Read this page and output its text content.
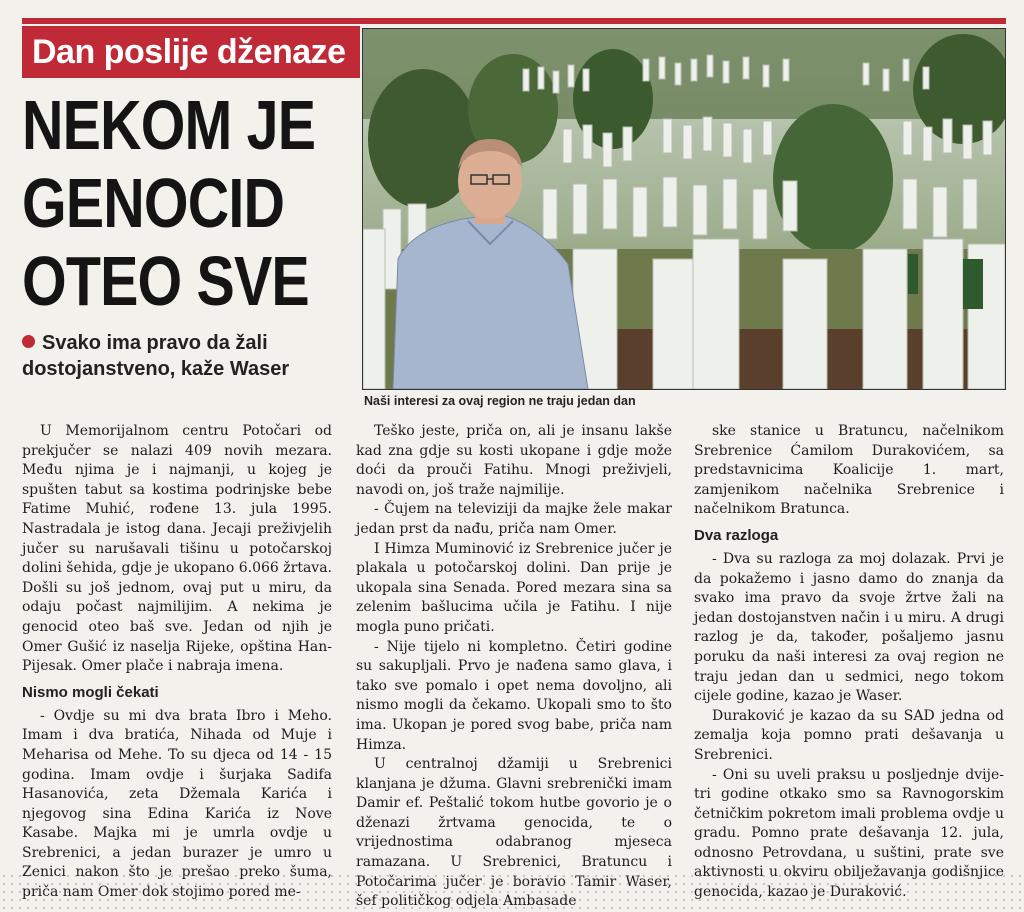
Dan poslije dženaze
NEKOM JE
GENOCID
OTEO SVE
Svako ima pravo da žali dostojanstveno, kaže Waser
Naši interesi za ovaj region ne traju jedan dan

U Memorijalnom centru Potočari od prekjučer se nalazi 409 novih mezara. Među njima je i najmanji, u kojeg je spušten tabut sa kostima podrinjske bebe Fatime Muhić, rođene 13. jula 1995. Nastradala je istog dana. Jecaji preživjelih jučer su narušavali tišinu u potočarskoj dolini šehida, gdje je ukopano 6.066 žrtava. Došli su još jednom, ovaj put u miru, da odaju počast najmilijim. A nekima je genocid oteo baš sve. Jedan od njih je Omer Gušić iz naselja Rijeke, opština Han-Pijesak. Omer plače i nabraja imena.

Nismo mogli čekati

- Ovdje su mi dva brata Ibro i Meho. Imam i dva bratića, Nihada od Muje i Meharisa od Mehe. To su djeca od 14 - 15 godina. Imam ovdje i šurjaka Sadifa Hasanovića, zeta Džemala Karića i njegovog sina Edina Karića iz Nove Kasabe. Majka mi je umrla ovdje u Srebrenici, a jedan burazer je umro u Zenici nakon što je prešao preko šuma, priča nam Omer dok stojimo pored me-

Teško jeste, priča on, ali je insanu lakše kad zna gdje su kosti ukopane i gdje može doći da prouči Fatihu. Mnogi preživjeli, navodi on, još traže najmilije.

- Čujem na televiziji da majke žele makar jedan prst da nađu, priča nam Omer.

I Himza Muminović iz Srebrenice jučer je plakala u potočarskoj dolini. Dan prije je ukopala sina Senada. Pored mezara sina sa zelenim bašlucima učila je Fatihu. I nije mogla puno pričati.

- Nije tijelo ni kompletno. Četiri godine su sakupljali. Prvo je nađena samo glava, i tako sve pomalo i opet nema dovoljno, ali nismo mogli da čekamo. Ukopali smo to što ima. Ukopan je pored svog babe, priča nam Himza.

U centralnoj džamiji u Srebrenici klanjana je džuma. Glavni srebrenički imam Damir ef. Peštalić tokom hutbe govorio je o dženazi žrtvama genocida, te o vrijednostima odabranog mjeseca ramazana. U Srebrenici, Bratuncu i Potočarima jučer je boravio Tamir Waser, šef političkog odjela Ambasade

ske stanice u Bratuncu, načelnikom Srebrenice Ćamilom Durakovićem, sa predstavnicima Koalicije 1. mart, zamjenikom načelnika Srebrenice i načelnikom Bratunca.

Dva razloga

- Dva su razloga za moj dolazak. Prvi je da pokažemo i jasno damo do znanja da svako ima pravo da svoje žrtve žali na jedan dostojanstven način i u miru. A drugi razlog je da, također, pošaljemo jasnu poruku da naši interesi za ovaj region ne traju jedan dan u sedmici, nego tokom cijele godine, kazao je Waser.

Duraković je kazao da su SAD jedna od zemalja koja pomno prati dešavanja u Srebrenici.

- Oni su uveli praksu u posljednje dvije-tri godine otkako smo sa Ravnogorskim četničkim pokretom imali problema ovdje u gradu. Pomno prate dešavanja 12. jula, odnosno Petrovdana, u suštini, prate sve aktivnosti u okviru obilježavanja godišnjice genocida, kazao je Duraković.
